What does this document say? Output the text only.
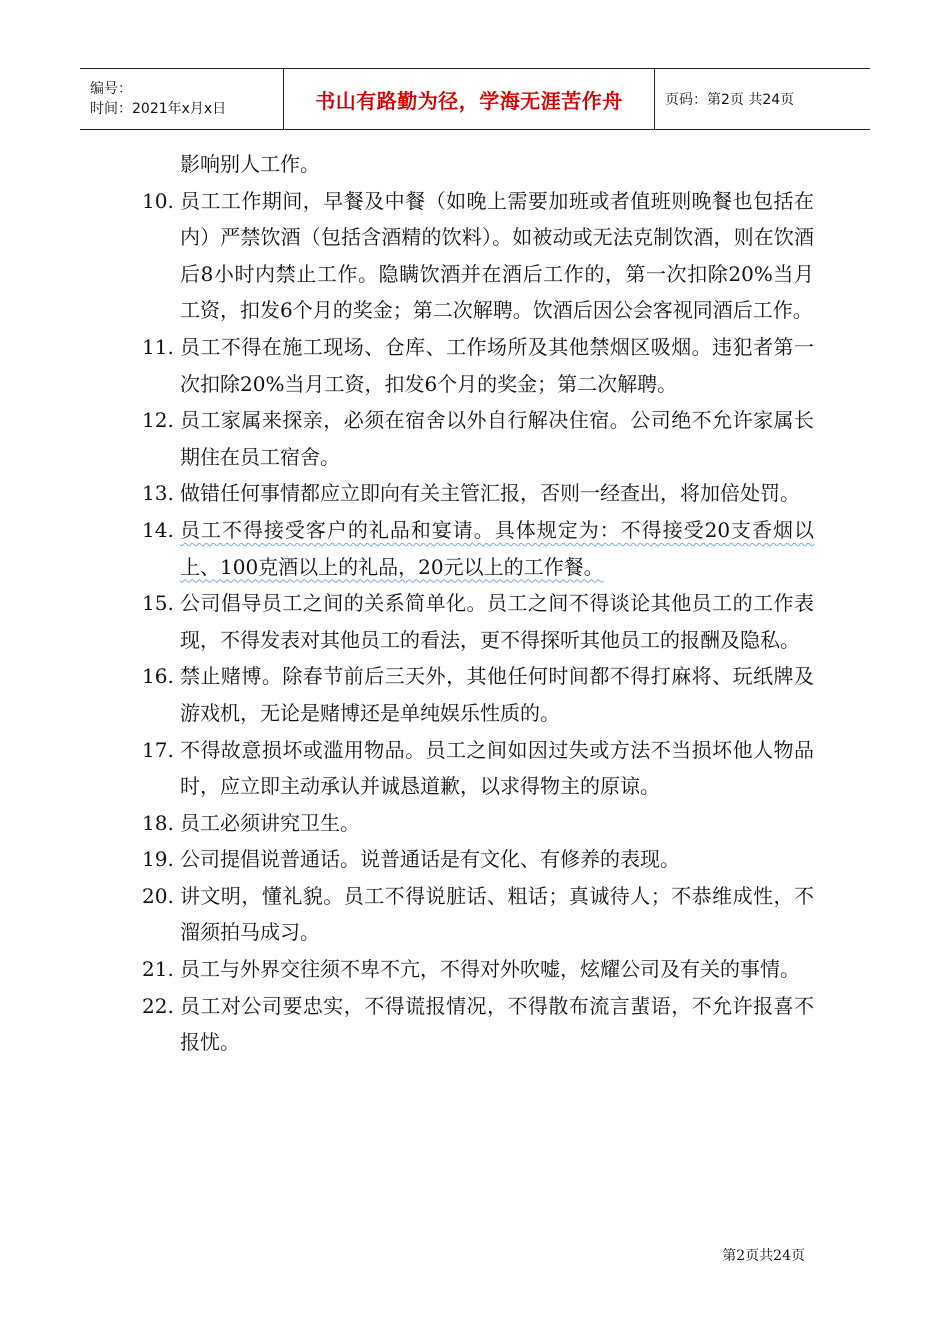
编号：
时间：2021年x月x日	书山有路勤为径，学海无涯苦作舟	页码：第2页 共24页
影响别人工作。
10. 员工工作期间，早餐及中餐（如晚上需要加班或者值班则晚餐也包括在内）严禁饮酒（包括含酒精的饮料）。如被动或无法克制饮酒，则在饮酒后8小时内禁止工作。隐瞒饮酒并在酒后工作的，第一次扣除20%当月工资，扣发6个月的奖金；第二次解聘。饮酒后因公会客视同酒后工作。
11. 员工不得在施工现场、仓库、工作场所及其他禁烟区吸烟。违犯者第一次扣除20%当月工资，扣发6个月的奖金；第二次解聘。
12. 员工家属来探亲，必须在宿舍以外自行解决住宿。公司绝不允许家属长期住在员工宿舍。
13. 做错任何事情都应立即向有关主管汇报，否则一经查出，将加倍处罚。
14. 员工不得接受客户的礼品和宴请。具体规定为：不得接受20支香烟以上、100克酒以上的礼品，20元以上的工作餐。
15. 公司倡导员工之间的关系简单化。员工之间不得谈论其他员工的工作表现，不得发表对其他员工的看法，更不得探听其他员工的报酬及隐私。
16. 禁止赌博。除春节前后三天外，其他任何时间都不得打麻将、玩纸牌及游戏机，无论是赌博还是单纯娱乐性质的。
17. 不得故意损坏或滥用物品。员工之间如因过失或方法不当损坏他人物品时，应立即主动承认并诚恳道歉，以求得物主的原谅。
18. 员工必须讲究卫生。
19. 公司提倡说普通话。说普通话是有文化、有修养的表现。
20. 讲文明，懂礼貌。员工不得说脏话、粗话；真诚待人；不恭维成性，不溜须拍马成习。
21. 员工与外界交往须不卑不亢，不得对外吹嘘，炫耀公司及有关的事情。
22. 员工对公司要忠实，不得谎报情况，不得散布流言蜚语，不允许报喜不报忧。
第2页共24页
